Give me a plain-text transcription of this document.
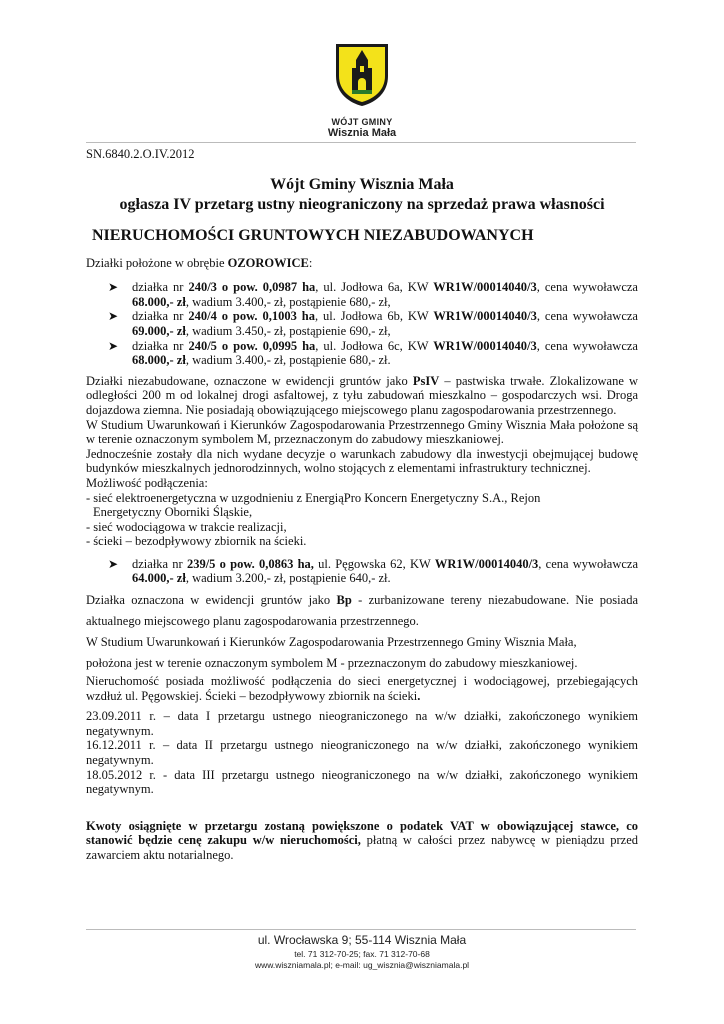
WÓJT GMINY
Wisznia Mała
SN.6840.2.O.IV.2012
Wójt Gminy Wisznia Mała
ogłasza IV przetarg ustny nieograniczony na sprzedaż prawa własności
NIERUCHOMOŚCI GRUNTOWYCH NIEZABUDOWANYCH

Działki położone w obrębie OZOROWICE:

➤ działka nr 240/3 o pow. 0,0987 ha, ul. Jodłowa 6a, KW WR1W/00014040/3, cena wywoławcza 68.000,- zł, wadium 3.400,- zł, postąpienie 680,- zł,
➤ działka nr 240/4 o pow. 0,1003 ha, ul. Jodłowa 6b, KW WR1W/00014040/3, cena wywoławcza 69.000,- zł, wadium 3.450,- zł, postąpienie 690,- zł,
➤ działka nr 240/5 o pow. 0,0995 ha, ul. Jodłowa 6c, KW WR1W/00014040/3, cena wywoławcza 68.000,- zł, wadium 3.400,- zł, postąpienie 680,- zł.

Działki niezabudowane, oznaczone w ewidencji gruntów jako PsIV – pastwiska trwałe. Zlokalizowane w odległości 200 m od lokalnej drogi asfaltowej, z tyłu zabudowań mieszkalno – gospodarczych wsi. Droga dojazdowa ziemna. Nie posiadają obowiązującego miejscowego planu zagospodarowania przestrzennego.

W Studium Uwarunkowań i Kierunków Zagospodarowania Przestrzennego Gminy Wisznia Mała położone są w terenie oznaczonym symbolem M, przeznaczonym do zabudowy mieszkaniowej.

Jednocześnie zostały dla nich wydane decyzje o warunkach zabudowy dla inwestycji obejmującej budowę budynków mieszkalnych jednorodzinnych, wolno stojących z elementami infrastruktury technicznej.

Możliwość podłączenia:

- sieć elektroenergetyczna w uzgodnieniu z EnergiąPro Koncern Energetyczny S.A., Rejon

Energetyczny Oborniki Śląskie,

- sieć wodociągowa w trakcie realizacji,

- ścieki – bezodpływowy zbiornik na ścieki.

➤ działka nr 239/5 o pow. 0,0863 ha, ul. Pęgowska 62, KW WR1W/00014040/3, cena wywoławcza 64.000,- zł, wadium 3.200,- zł, postąpienie 640,- zł.

Działka oznaczona w ewidencji gruntów jako Bp - zurbanizowane tereny niezabudowane. Nie posiada aktualnego miejscowego planu zagospodarowania przestrzennego.

W Studium Uwarunkowań i Kierunków Zagospodarowania Przestrzennego Gminy Wisznia Mała,

położona jest w terenie oznaczonym symbolem M - przeznaczonym do zabudowy mieszkaniowej.

Nieruchomość posiada możliwość podłączenia do sieci energetycznej i wodociągowej, przebiegających wzdłuż ul. Pęgowskiej. Ścieki – bezodpływowy zbiornik na ścieki.

23.09.2011 r. – data I przetargu ustnego nieograniczonego na w/w działki, zakończonego wynikiem negatywnym.

16.12.2011 r. – data II przetargu ustnego nieograniczonego na w/w działki, zakończonego wynikiem negatywnym.

18.05.2012 r. - data III przetargu ustnego nieograniczonego na w/w działki, zakończonego wynikiem negatywnym.

Kwoty osiągnięte w przetargu zostaną powiększone o podatek VAT w obowiązującej stawce, co stanowić będzie cenę zakupu w/w nieruchomości, płatną w całości przez nabywcę w pieniądzu przed zawarciem aktu notarialnego.

ul. Wrocławska 9; 55-114 Wisznia Mała
tel. 71 312-70-25; fax. 71 312-70-68
www.wiszniamala.pl; e-mail: ug_wisznia@wiszniamala.pl
